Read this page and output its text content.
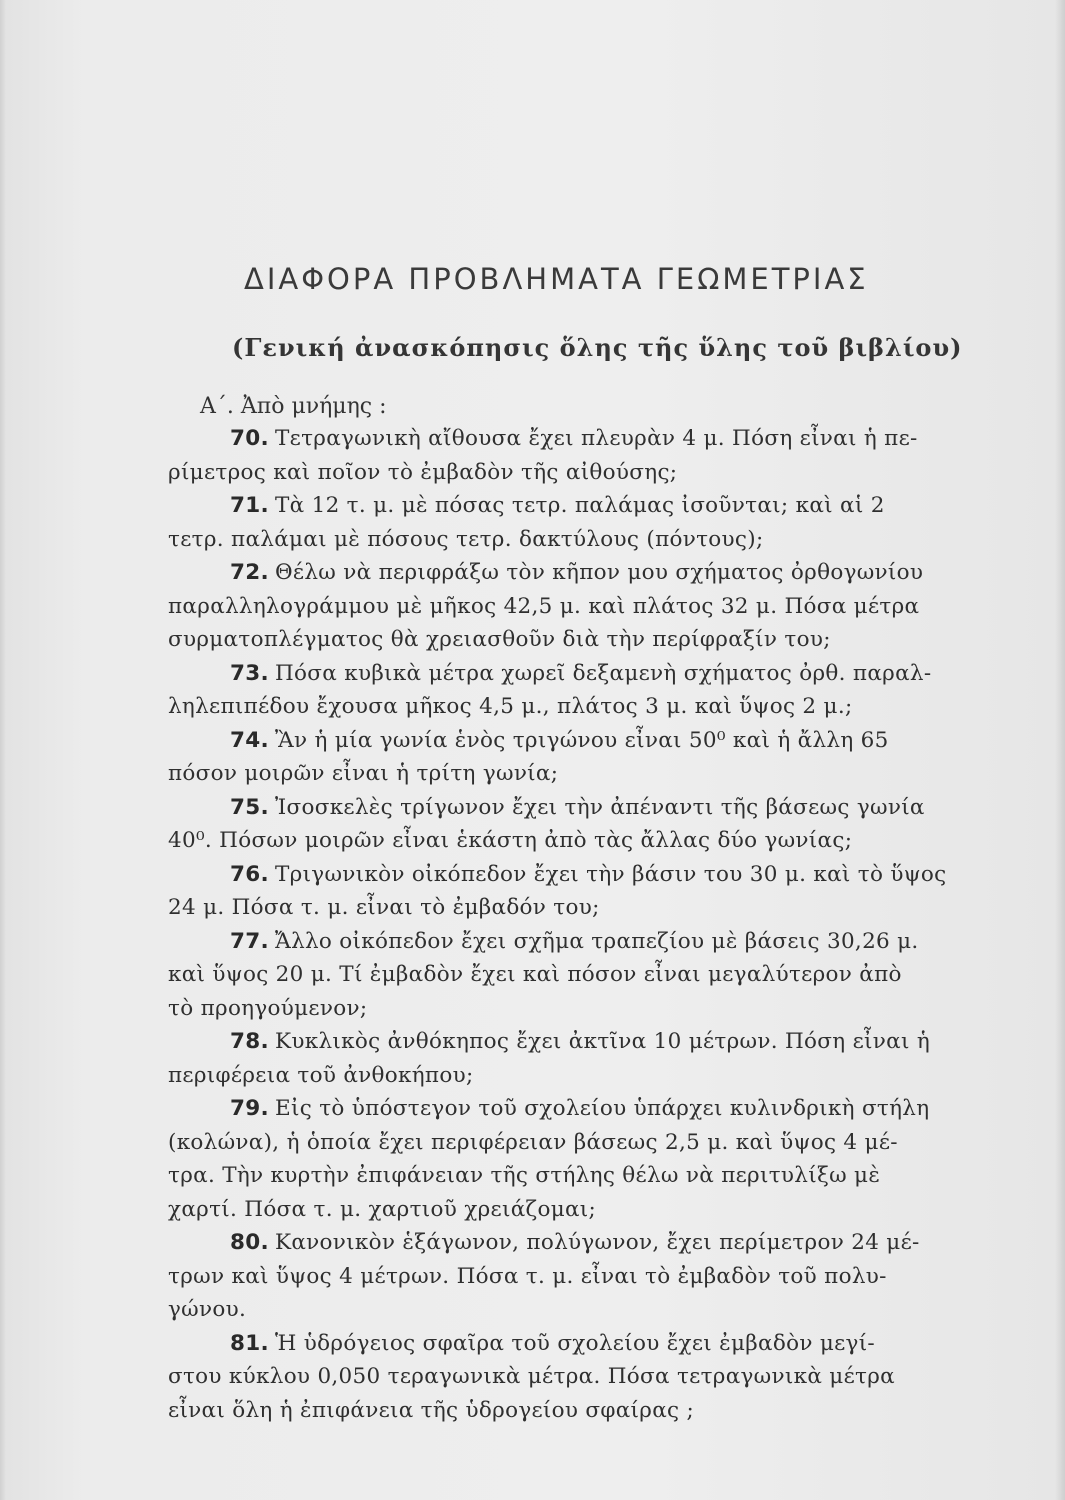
ΔΙΑΦΟΡΑ ΠΡΟΒΛΗΜΑΤΑ ΓΕΩΜΕΤΡΙΑΣ
(Γενική ἀνασκόπησις ὅλης τῆς ὕλης τοῦ βιβλίου)
Α΄. Ἀπὸ μνήμης :
70. Τετραγωνικὴ αἴθουσα ἔχει πλευρὰν 4 μ. Πόση εἶναι ἡ πε-
ρίμετρος καὶ ποῖον τὸ ἐμβαδὸν τῆς αἰθούσης;
71. Τὰ 12 τ. μ. μὲ πόσας τετρ. παλάμας ἰσοῦνται; καὶ αἱ 2
τετρ. παλάμαι μὲ πόσους τετρ. δακτύλους (πόντους);
72. Θέλω νὰ περιφράξω τὸν κῆπον μου σχήματος ὀρθογωνίου
παραλληλογράμμου μὲ μῆκος 42,5 μ. καὶ πλάτος 32 μ. Πόσα μέτρα
συρματοπλέγματος θὰ χρειασθοῦν διὰ τὴν περίφραξίν του;
73. Πόσα κυβικὰ μέτρα χωρεῖ δεξαμενὴ σχήματος ὀρθ. παραλ-
ληλεπιπέδου ἔχουσα μῆκος 4,5 μ., πλάτος 3 μ. καὶ ὕψος 2 μ.;
74. Ἂν ἡ μία γωνία ἑνὸς τριγώνου εἶναι 50⁰ καὶ ἡ ἄλλη 65
πόσον μοιρῶν εἶναι ἡ τρίτη γωνία;
75. Ἰσοσκελὲς τρίγωνον ἔχει τὴν ἀπέναντι τῆς βάσεως γωνία
40⁰. Πόσων μοιρῶν εἶναι ἑκάστη ἀπὸ τὰς ἄλλας δύο γωνίας;
76. Τριγωνικὸν οἰκόπεδον ἔχει τὴν βάσιν του 30 μ. καὶ τὸ ὕψος
24 μ. Πόσα τ. μ. εἶναι τὸ ἐμβαδόν του;
77. Ἄλλο οἰκόπεδον ἔχει σχῆμα τραπεζίου μὲ βάσεις 30,26 μ.
καὶ ὕψος 20 μ. Τί ἐμβαδὸν ἔχει καὶ πόσον εἶναι μεγαλύτερον ἀπὸ
τὸ προηγούμενον;
78. Κυκλικὸς ἀνθόκηπος ἔχει ἀκτῖνα 10 μέτρων. Πόση εἶναι ἡ
περιφέρεια τοῦ ἀνθοκήπου;
79. Εἰς τὸ ὑπόστεγον τοῦ σχολείου ὑπάρχει κυλινδρικὴ στήλη
(κολώνα), ἡ ὁποία ἔχει περιφέρειαν βάσεως 2,5 μ. καὶ ὕψος 4 μέ-
τρα. Τὴν κυρτὴν ἐπιφάνειαν τῆς στήλης θέλω νὰ περιτυλίξω μὲ
χαρτί. Πόσα τ. μ. χαρτιοῦ χρειάζομαι;
80. Κανονικὸν ἑξάγωνον, πολύγωνον, ἔχει περίμετρον 24 μέ-
τρων καὶ ὕψος 4 μέτρων. Πόσα τ. μ. εἶναι τὸ ἐμβαδὸν τοῦ πολυ-
γώνου.
81. Ἡ ὑδρόγειος σφαῖρα τοῦ σχολείου ἔχει ἐμβαδὸν μεγί-
στου κύκλου 0,050 τεραγωνικὰ μέτρα. Πόσα τετραγωνικὰ μέτρα
εἶναι ὅλη ἡ ἐπιφάνεια τῆς ὑδρογείου σφαίρας ;
